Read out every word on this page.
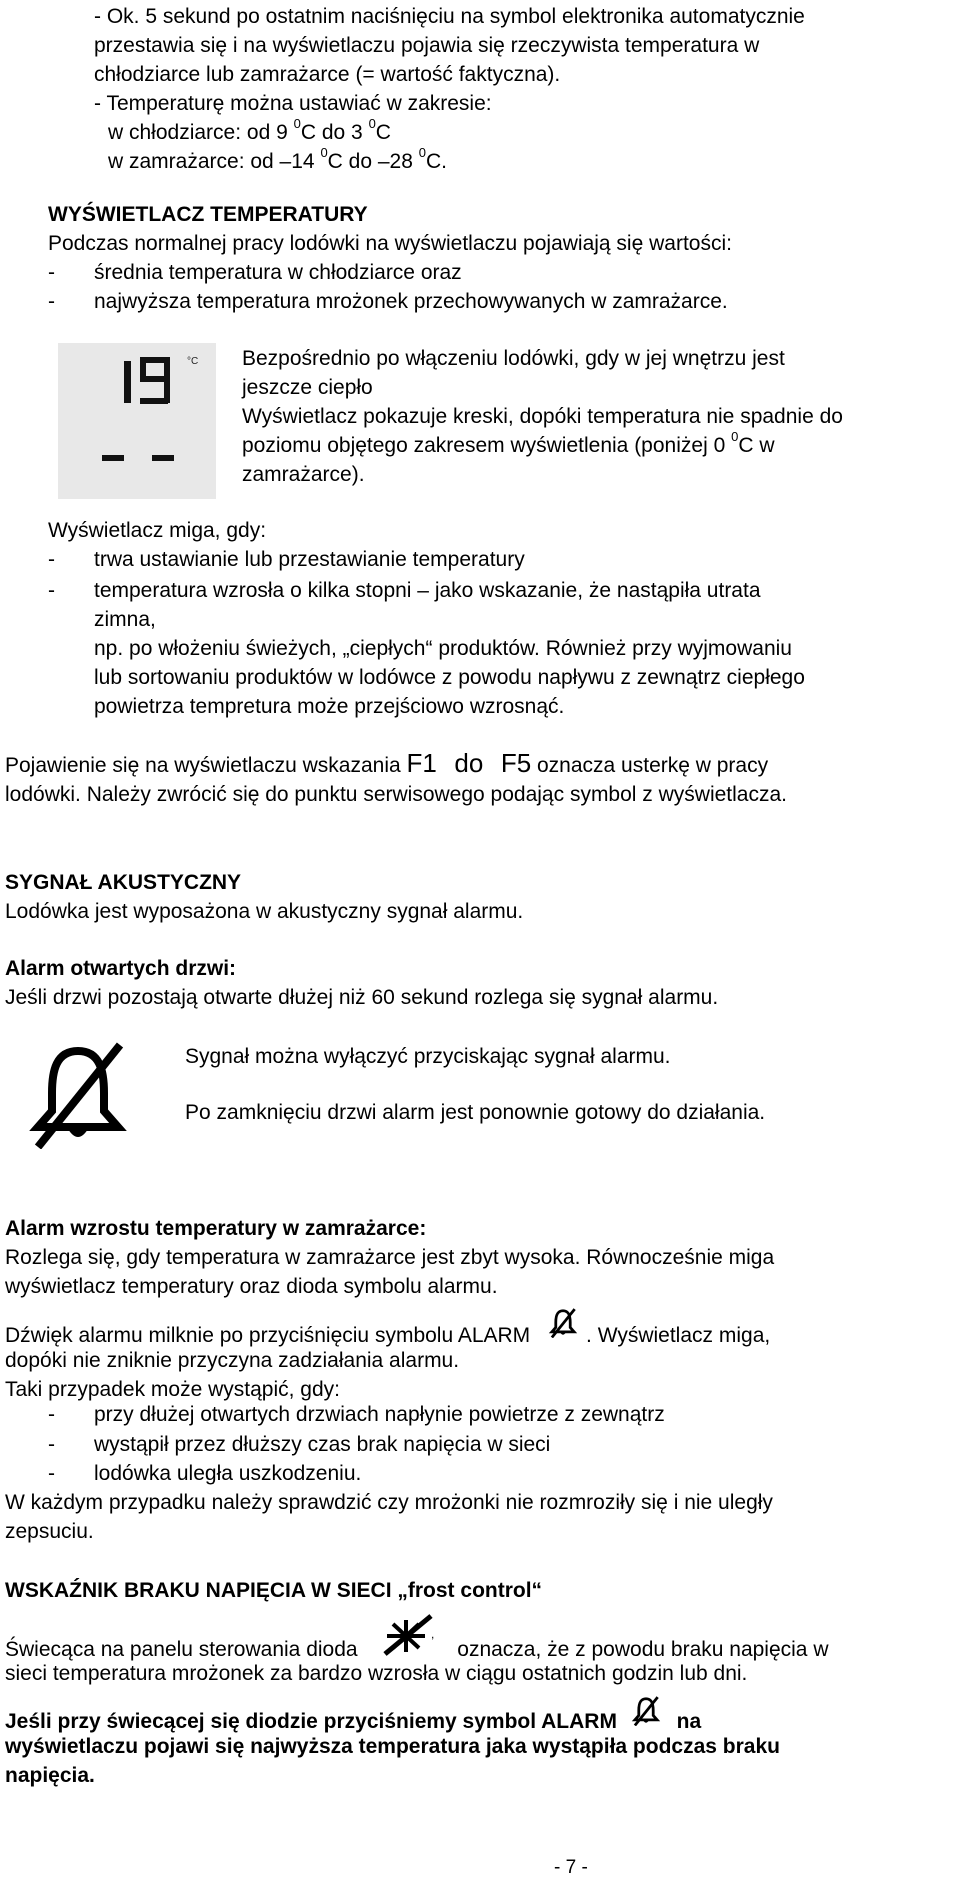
- Ok. 5 sekund po ostatnim naciśnięciu na symbol elektronika automatycznie

przestawia się i na wyświetlaczu pojawia się rzeczywista temperatura w

chłodziarce lub zamrażarce (= wartość faktyczna).

- Temperaturę można ustawiać w zakresie:

w chłodziarce: od 9 $^0$C do 3 $^0$C

w zamrażarce: od –14 $^0$C do –28 $^0$C.

WYŚWIETLACZ TEMPERATURY

Podczas normalnej pracy lodówki na wyświetlaczu pojawiają się wartości:

- średnia temperatura w chłodziarce oraz
- najwyższa temperatura mrożonek przechowywanych w zamrażarce.
°C Bezpośrednio po włączeniu lodówki, gdy w jej wnętrzu jest

jeszcze ciepło

Wyświetlacz pokazuje kreski, dopóki temperatura nie spadnie do

poziomu objętego zakresem wyświetlenia (poniżej 0 $^0$C w

zamrażarce).

Wyświetlacz miga, gdy:

- trwa ustawianie lub przestawianie temperatury
- temperatura wzrosła o kilka stopni – jako wskazanie, że nastąpiła utrata

zimna,

np. po włożeniu świeżych, „ciepłych“ produktów. Również przy wyjmowaniu

lub sortowaniu produktów w lodówce z powodu napływu z zewnątrz ciepłego

powietrza tempretura może przejściowo wzrosnąć.

Pojawienie się na wyświetlaczu wskazania F1 do F5 oznacza usterkę w pracy

lodówki. Należy zwrócić się do punktu serwisowego podając symbol z wyświetlacza.

SYGNAŁ AKUSTYCZNY

Lodówka jest wyposażona w akustyczny sygnał alarmu.

Alarm otwartych drzwi:

Jeśli drzwi pozostają otwarte dłużej niż 60 sekund rozlega się sygnał alarmu.

Sygnał można wyłączyć przyciskając sygnał alarmu.

Po zamknięciu drzwi alarm jest ponownie gotowy do działania.

Alarm wzrostu temperatury w zamrażarce:

Rozlega się, gdy temperatura w zamrażarce jest zbyt wysoka. Równocześnie miga

wyświetlacz temperatury oraz dioda symbolu alarmu.

Dźwięk alarmu milknie po przyciśnięciu symbolu ALARM	. Wyświetlacz miga,

dopóki nie zniknie przyczyna zadziałania alarmu.

Taki przypadek może wystąpić, gdy:

- przy dłużej otwartych drzwiach napłynie powietrze z zewnątrz
- wystąpił przez dłuższy czas brak napięcia w sieci
- lodówka uległa uszkodzeniu.

W każdym przypadku należy sprawdzić czy mrożonki nie rozmroziły się i nie uległy

zepsuciu.

WSKAŹNIK BRAKU NAPIĘCIA W SIECI „frost control“

Świecąca na panelu sterowania dioda
,
oznacza, że z powodu braku napięcia w

sieci temperatura mrożonek za bardzo wzrosła w ciągu ostatnich godzin lub dni.

Jeśli przy świecącej się diodzie przyciśniemy symbol ALARM	na

wyświetlaczu pojawi się najwyższa temperatura jaka wystąpiła podczas braku

napięcia.

- 7 -
